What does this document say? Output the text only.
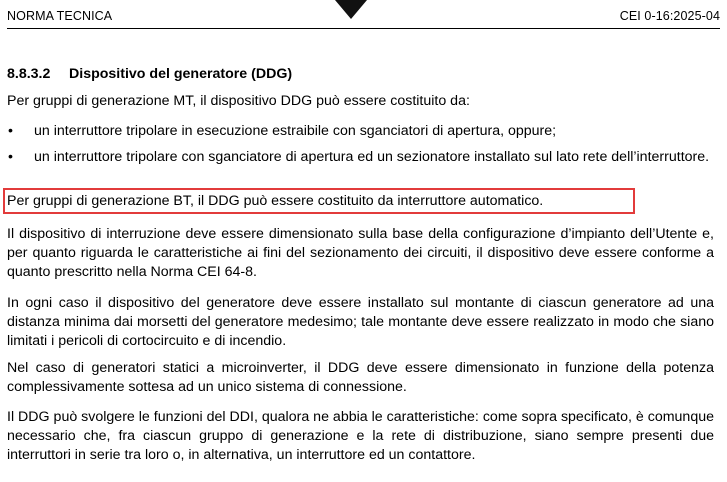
NORMA TECNICA	CEI 0-16:2025-04
8.8.3.2 Dispositivo del generatore (DDG)
Per gruppi di generazione MT, il dispositivo DDG può essere costituito da:
•	un interruttore tripolare in esecuzione estraibile con sganciatori di apertura, oppure;
•	un interruttore tripolare con sganciatore di apertura ed un sezionatore installato sul lato rete dell’interruttore.
Per gruppi di generazione BT, il DDG può essere costituito da interruttore automatico.
Il dispositivo di interruzione deve essere dimensionato sulla base della configurazione d’impianto dell’Utente e, per quanto riguarda le caratteristiche ai fini del sezionamento dei circuiti, il dispositivo deve essere conforme a quanto prescritto nella Norma CEI 64-8.
In ogni caso il dispositivo del generatore deve essere installato sul montante di ciascun generatore ad una distanza minima dai morsetti del generatore medesimo; tale montante deve essere realizzato in modo che siano limitati i pericoli di cortocircuito e di incendio.
Nel caso di generatori statici a microinverter, il DDG deve essere dimensionato in funzione della potenza complessivamente sottesa ad un unico sistema di connessione.
Il DDG può svolgere le funzioni del DDI, qualora ne abbia le caratteristiche: come sopra specificato, è comunque necessario che, fra ciascun gruppo di generazione e la rete di distribuzione, siano sempre presenti due interruttori in serie tra loro o, in alternativa, un interruttore ed un contattore.
